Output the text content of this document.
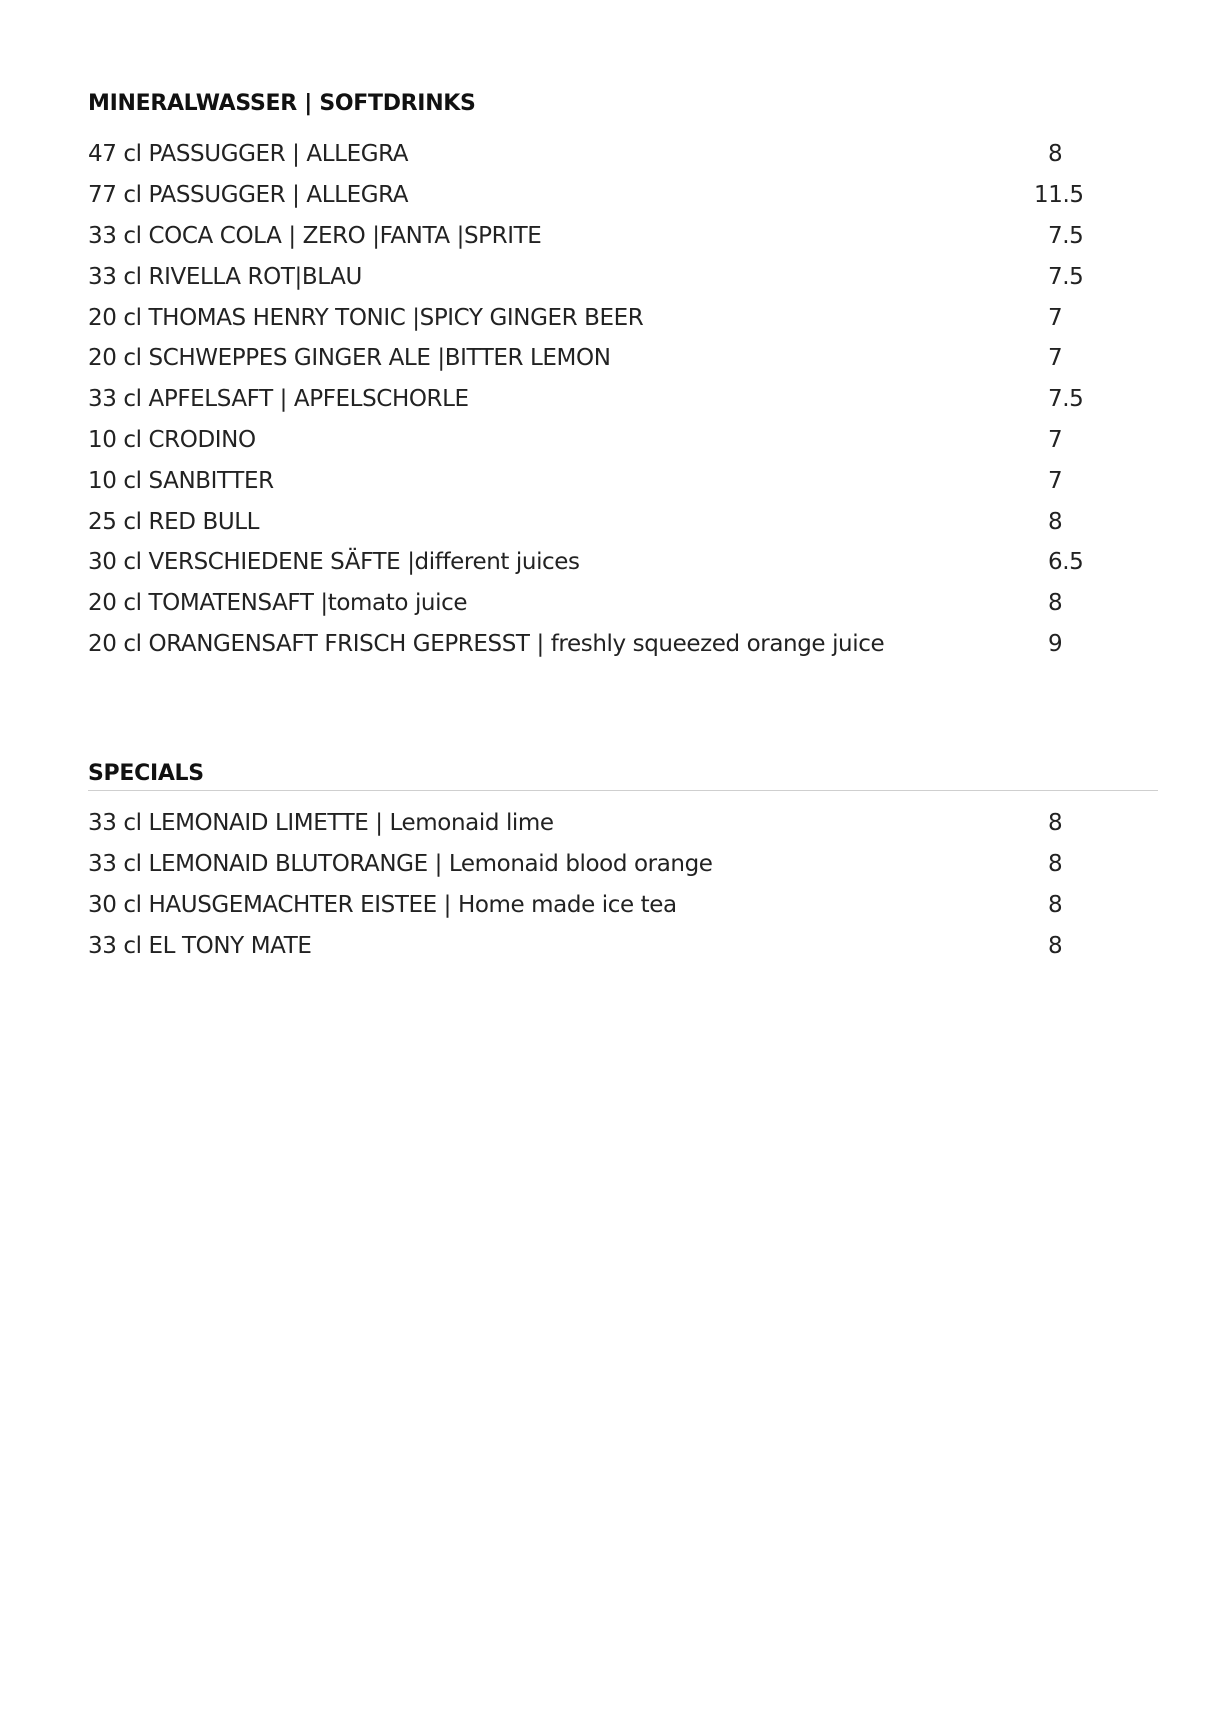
MINERALWASSER | SOFTDRINKS
47 cl PASSUGGER | ALLEGRA	8
77 cl PASSUGGER | ALLEGRA	11.5
33 cl COCA COLA | ZERO |FANTA |SPRITE	7.5
33 cl RIVELLA ROT|BLAU	7.5
20 cl THOMAS HENRY TONIC |SPICY GINGER BEER	7
20 cl SCHWEPPES GINGER ALE |BITTER LEMON	7
33 cl APFELSAFT | APFELSCHORLE	7.5
10 cl CRODINO	7
10 cl SANBITTER	7
25 cl RED BULL	8
30 cl VERSCHIEDENE SÄFTE |different juices	6.5
20 cl TOMATENSAFT |tomato juice	8
20 cl ORANGENSAFT FRISCH GEPRESST | freshly squeezed orange juice	9
SPECIALS
33 cl LEMONAID LIMETTE | Lemonaid lime	8
33 cl LEMONAID BLUTORANGE | Lemonaid blood orange	8
30 cl HAUSGEMACHTER EISTEE | Home made ice tea	8
33 cl EL TONY MATE	8
